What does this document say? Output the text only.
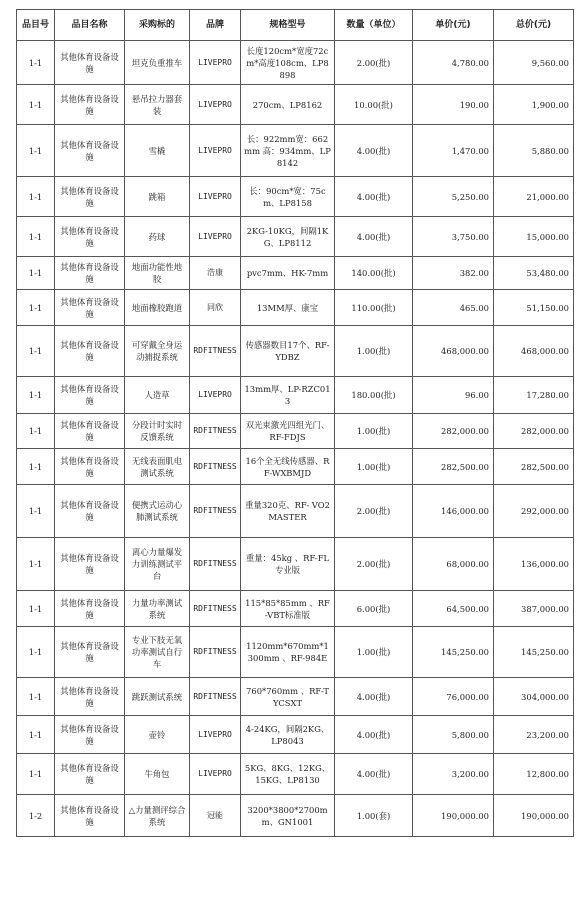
品目号	品目名称	采购标的	品牌	规格型号	数量（单位）	单价(元)	总价(元)
1-1	其他体育设备设施	坦克负重推车	LIVEPRO	长度120cm*宽度72cm*高度108cm、LP8898	2.00(批)	4,780.00	9,560.00
1-1	其他体育设备设施	悬吊拉力器套装	LIVEPRO	270cm、LP8162	10.00(批)	190.00	1,900.00
1-1	其他体育设备设施	雪橇	LIVEPRO	长：922mm宽：662mm 高：934mm、LP8142	4.00(批)	1,470.00	5,880.00
1-1	其他体育设备设施	跳箱	LIVEPRO	长：90cm*宽：75cm、LP8158	4.00(批)	5,250.00	21,000.00
1-1	其他体育设备设施	药球	LIVEPRO	2KG-10KG，间隔1KG、LP8112	4.00(批)	3,750.00	15,000.00
1-1	其他体育设备设施	地面功能性地胶	浩康	pvc7mm、HK-7mm	140.00(批)	382.00	53,480.00
1-1	其他体育设备设施	地面橡胶跑道	同欣	13MM厚、康宝	110.00(批)	465.00	51,150.00
1-1	其他体育设备设施	可穿戴全身运动捕捉系统	RDFITNESS	传感器数目17个、RF-YDBZ	1.00(批)	468,000.00	468,000.00
1-1	其他体育设备设施	人造草	LIVEPRO	13mm厚、LP-RZC013	180.00(批)	96.00	17,280.00
1-1	其他体育设备设施	分段计时实时反馈系统	RDFITNESS	双光束激光四组光门、RF-FDJS	1.00(批)	282,000.00	282,000.00
1-1	其他体育设备设施	无线表面肌电测试系统	RDFITNESS	16个全无线传感器、RF-WXBMJD	1.00(批)	282,500.00	282,500.00
1-1	其他体育设备设施	便携式运动心肺测试系统	RDFITNESS	重量320克、RF- VO2MASTER	2.00(批)	146,000.00	292,000.00
1-1	其他体育设备设施	离心力量爆发力训练测试平台	RDFITNESS	重量：45kg 、RF-FL专业版	2.00(批)	68,000.00	136,000.00
1-1	其他体育设备设施	力量功率测试系统	RDFITNESS	115*85*85mm 、RF-VBT标准版	6.00(批)	64,500.00	387,000.00
1-1	其他体育设备设施	专业下肢无氧功率测试自行车	RDFITNESS	1120mm*670mm*1300mm 、RF-984E	1.00(批)	145,250.00	145,250.00
1-1	其他体育设备设施	跳跃测试系统	RDFITNESS	760*760mm 、RF-TYCSXT	4.00(批)	76,000.00	304,000.00
1-1	其他体育设备设施	壶铃	LIVEPRO	4-24KG，间隔2KG、LP8043	4.00(批)	5,800.00	23,200.00
1-1	其他体育设备设施	牛角包	LIVEPRO	5KG、8KG、12KG、15KG、LP8130	4.00(批)	3,200.00	12,800.00
1-2	其他体育设备设施	△力量测评综合系统	冠能	3200*3800*2700mm、GN1001	1.00(套)	190,000.00	190,000.00
